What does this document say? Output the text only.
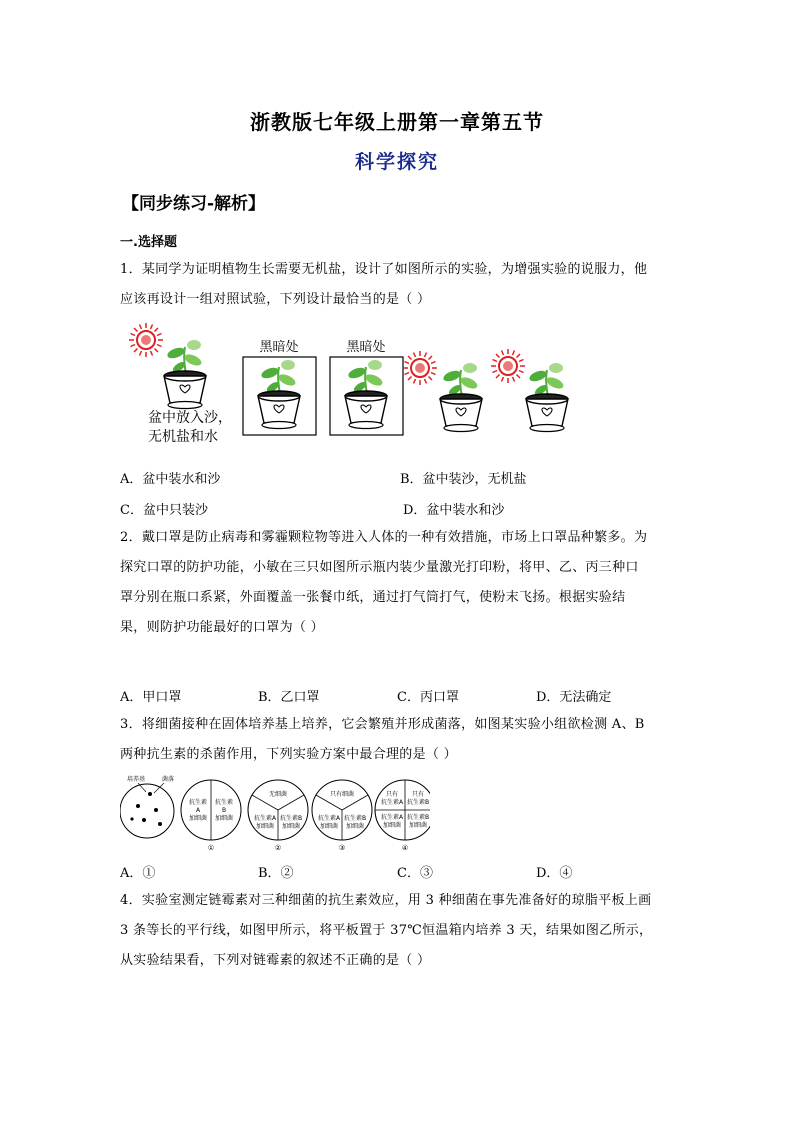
浙教版七年级上册第一章第五节
科学探究
【同步练习-解析】
一.选择题
1．某同学为证明植物生长需要无机盐，设计了如图所示的实验，为增强实验的说服力，他
应该再设计一组对照试验，下列设计最恰当的是（ ）
黑暗处	黑暗处
盆中放入沙，
无机盐和水
A．盆中装水和沙	B．盆中装沙，无机盐
C．盆中只装沙	D．盆中装水和沙
2．戴口罩是防止病毒和雾霾颗粒物等进入人体的一种有效措施，市场上口罩品种繁多。为
探究口罩的防护功能，小敏在三只如图所示瓶内装少量激光打印粉，将甲、乙、丙三种口
罩分别在瓶口系紧，外面覆盖一张餐巾纸，通过打气筒打气，使粉末飞扬。根据实验结
果，则防护功能最好的口罩为（ ）
A．甲口罩	B．乙口罩	C．丙口罩	D．无法确定
3．将细菌接种在固体培养基上培养，它会繁殖并形成菌落，如图某实验小组欲检测 A、B
两种抗生素的杀菌作用，下列实验方案中最合理的是（ ）
培养基	菌落
抗生素
A
加细菌
抗生素
B
加细菌
①
无细菌
抗生素A
加细菌
抗生素B
加细菌
②
只有细菌
抗生素A
加细菌
抗生素B
加细菌
③
只有
抗生素A
只有
抗生素B
抗生素A
加细菌
抗生素B
加细菌
④
A．①	B．②	C．③	D．④
4．实验室测定链霉素对三种细菌的抗生素效应，用 3 种细菌在事先准备好的琼脂平板上画
3 条等长的平行线，如图甲所示，将平板置于 37℃恒温箱内培养 3 天，结果如图乙所示，
从实验结果看，下列对链霉素的叙述不正确的是（ ）
